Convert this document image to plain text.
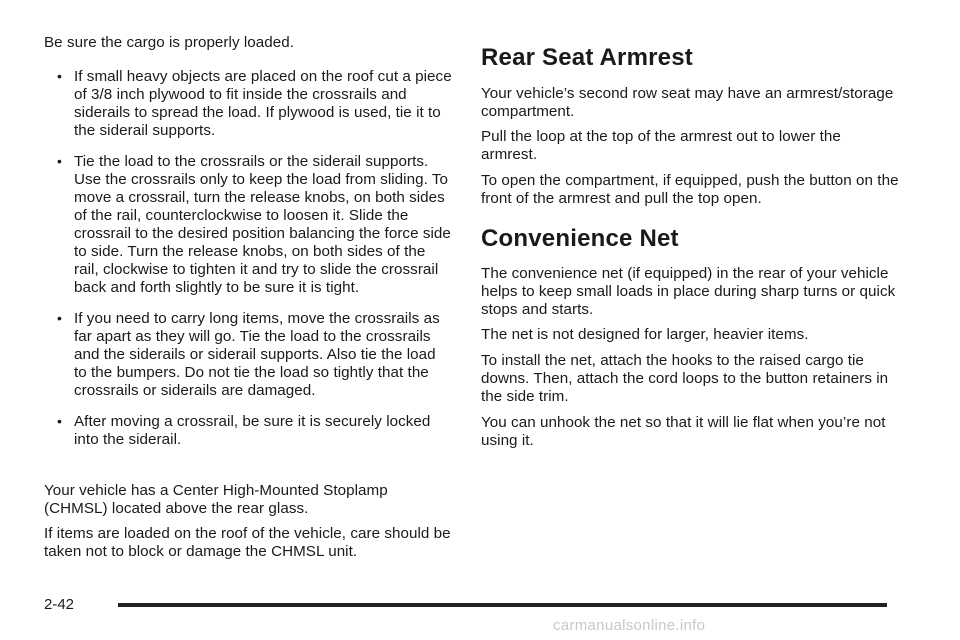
Be sure the cargo is properly loaded.

• If small heavy objects are placed on the roof cut a piece of 3/8 inch plywood to fit inside the crossrails and siderails to spread the load. If plywood is used, tie it to the siderail supports.
• Tie the load to the crossrails or the siderail supports. Use the crossrails only to keep the load from sliding. To move a crossrail, turn the release knobs, on both sides of the rail, counterclockwise to loosen it. Slide the crossrail to the desired position balancing the force side to side. Turn the release knobs, on both sides of the rail, clockwise to tighten it and try to slide the crossrail back and forth slightly to be sure it is tight.
• If you need to carry long items, move the crossrails as far apart as they will go. Tie the load to the crossrails and the siderails or siderail supports. Also tie the load to the bumpers. Do not tie the load so tightly that the crossrails or siderails are damaged.
• After moving a crossrail, be sure it is securely locked into the siderail.

Your vehicle has a Center High-Mounted Stoplamp (CHMSL) located above the rear glass.

If items are loaded on the roof of the vehicle, care should be taken not to block or damage the CHMSL unit.

Rear Seat Armrest

Your vehicle’s second row seat may have an armrest/storage compartment.

Pull the loop at the top of the armrest out to lower the armrest.

To open the compartment, if equipped, push the button on the front of the armrest and pull the top open.

Convenience Net

The convenience net (if equipped) in the rear of your vehicle helps to keep small loads in place during sharp turns or quick stops and starts.

The net is not designed for larger, heavier items.

To install the net, attach the hooks to the raised cargo tie downs. Then, attach the cord loops to the button retainers in the side trim.

You can unhook the net so that it will lie flat when you’re not using it.

2-42
carmanualsonline.info
